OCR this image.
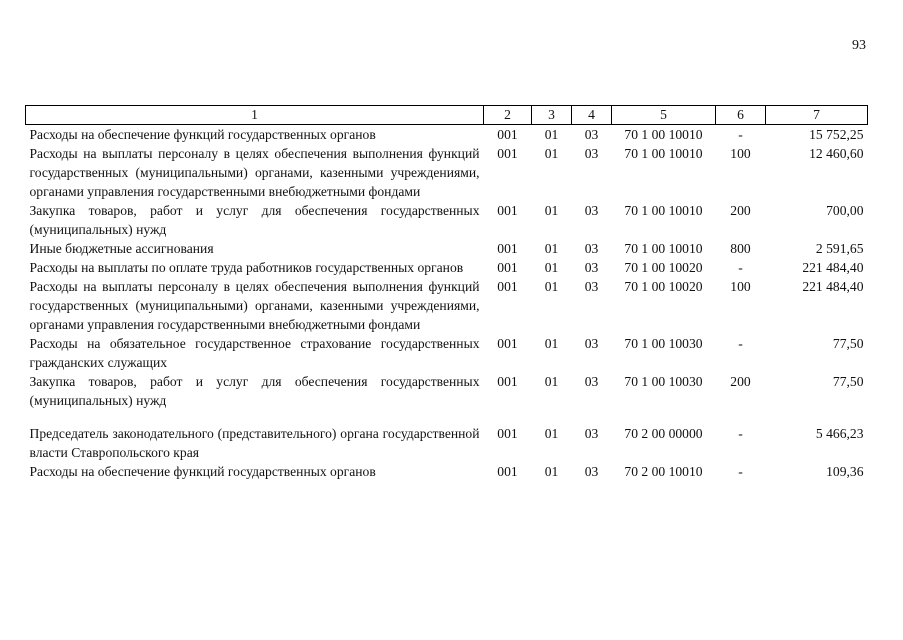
93
1	2	3	4	5	6	7
Расходы на обеспечение функций государственных органов	001	01	03	70 1 00 10010	-	15 752,25
Расходы на выплаты персоналу в целях обеспечения выполнения функций государственных (муниципальными) органами, казенными учреждениями, органами управления государственными внебюджетными фондами	001	01	03	70 1 00 10010	100	12 460,60
Закупка товаров, работ и услуг для обеспечения государственных (муниципальных) нужд	001	01	03	70 1 00 10010	200	700,00
Иные бюджетные ассигнования	001	01	03	70 1 00 10010	800	2 591,65
Расходы на выплаты по оплате труда работников государственных органов	001	01	03	70 1 00 10020	-	221 484,40
Расходы на выплаты персоналу в целях обеспечения выполнения функций государственных (муниципальными) органами, казенными учреждениями, органами управления государственными внебюджетными фондами	001	01	03	70 1 00 10020	100	221 484,40
Расходы на обязательное государственное страхование государственных гражданских служащих	001	01	03	70 1 00 10030	-	77,50
Закупка товаров, работ и услуг для обеспечения государственных (муниципальных) нужд	001	01	03	70 1 00 10030	200	77,50

Председатель законодательного (представительного) органа государственной власти Ставропольского края	001	01	03	70 2 00 00000	-	5 466,23
Расходы на обеспечение функций государственных органов	001	01	03	70 2 00 10010	-	109,36
